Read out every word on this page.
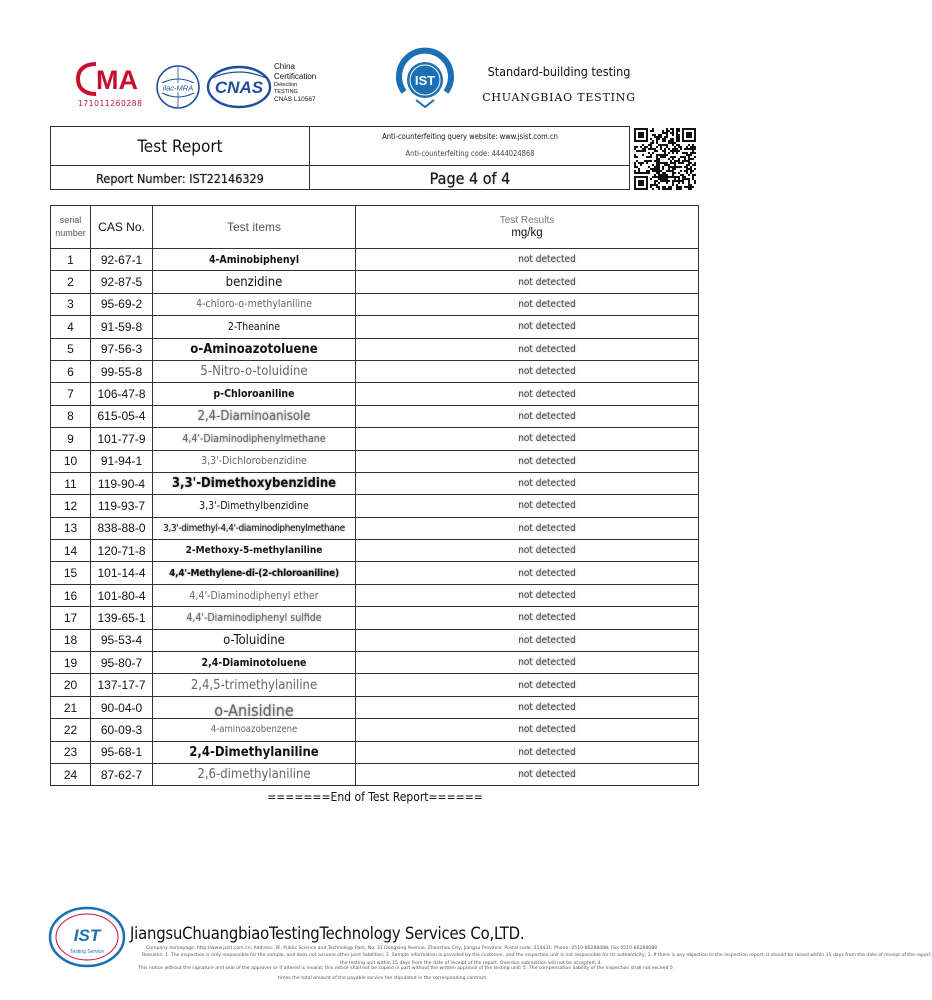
MA
171011260288
ilac-MRA CNAS
China
Certification
Detection
TESTING
CNAS L10567
IST
Standard-building testing
CHUANGBIAO TESTING
Test Report
Report Number: IST22146329
Anti-counterfeiting query website: www.jsist.com.cn
Anti-counterfeiting code: 4444024868
Page 4 of 4
serial number	CAS No.	Test items	Test Results
mg/kg

1	92-67-1	4-Aminobiphenyl	not detected
2	92-87-5	benzidine	not detected
3	95-69-2	4-chloro-o-methylaniline	not detected
4	91-59-8	2-Theanine	not detected
5	97-56-3	o-Aminoazotoluene	not detected
6	99-55-8	5-Nitro-o-toluidine	not detected
7	106-47-8	p-Chloroaniline	not detected
8	615-05-4	2,4-Diaminoanisole	not detected
9	101-77-9	4,4'-Diaminodiphenylmethane	not detected
10	91-94-1	3,3'-Dichlorobenzidine	not detected
11	119-90-4	3,3'-Dimethoxybenzidine	not detected
12	119-93-7	3,3'-Dimethylbenzidine	not detected
13	838-88-0	3,3'-dimethyl-4,4'-diaminodiphenylmethane	not detected
14	120-71-8	2-Methoxy-5-methylaniline	not detected
15	101-14-4	4,4'-Methylene-di-(2-chloroaniline)	not detected
16	101-80-4	4,4'-Diaminodiphenyl ether	not detected
17	139-65-1	4,4'-Diaminodiphenyl sulfide	not detected
18	95-53-4	o-Toluidine	not detected
19	95-80-7	2,4-Diaminotoluene	not detected
20	137-17-7	2,4,5-trimethylaniline	not detected
21	90-04-0	o-Anisidine	not detected
22	60-09-3	4-aminoazobenzene	not detected
23	95-68-1	2,4-Dimethylaniline	not detected
24	87-62-7	2,6-dimethylaniline	not detected
=======End of Test Report======
IST
Testing Service
JiangsuChuangbiaoTestingTechnology Services Co,LTD.
Company homepage: http://www.jsist.com.cn; Address: 3F, Public Science and Technology Park, No. 31 Dongxing Avenue, Zhenzhou City, Jiangsu Province. Postal code: 214431; Phone: 0510-86288088; Fax 0510-86288088
Remarks: 1. The inspection is only responsible for the sample, and does not assume other joint liabilities; 2. Sample information is provided by the customer, and the inspection unit is not responsible for its authenticity; 3. If there is any objection to the inspection report, it should be raised within 15 days from the date of receipt of the report.
the testing unit within 15 days from the date of receipt of the report. Overdue submission will not be accepted; 4.
This notice without the signature and seal of the approver or if altered is invalid; this notice shall not be copied in part without the written approval of the testing unit; 5. The compensation liability of the inspection shall not exceed 5
times the total amount of the payable service fee stipulated in the corresponding contract.
